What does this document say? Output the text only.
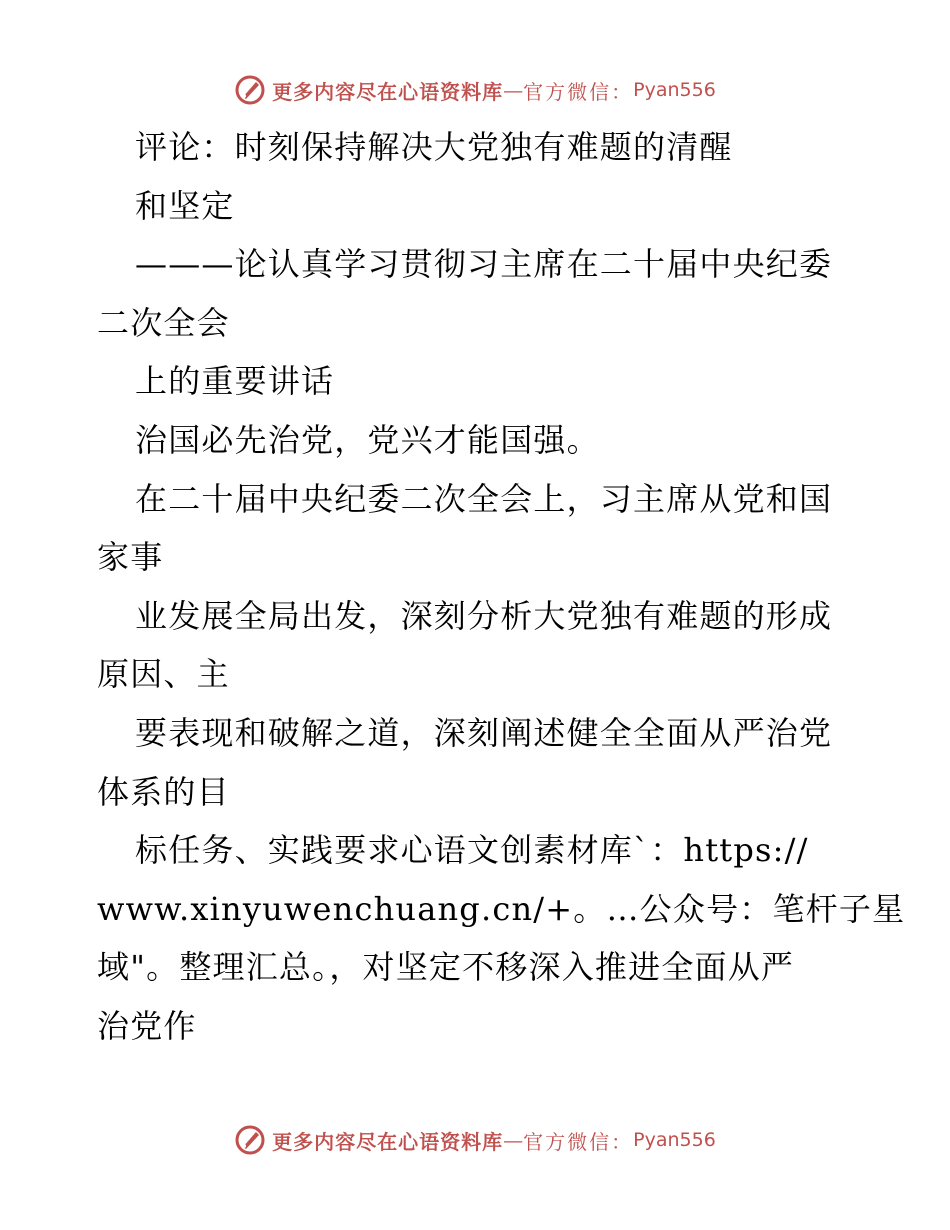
更多内容尽在心语资料库 — 官方微信： Pyan556
评论：时刻保持解决大党独有难题的清醒
和坚定
———论认真学习贯彻习主席在二十届中央纪委
二次全会
上的重要讲话
治国必先治党，党兴才能国强。
在二十届中央纪委二次全会上，习主席从党和国
家事
业发展全局出发，深刻分析大党独有难题的形成
原因、主
要表现和破解之道，深刻阐述健全全面从严治党
体系的目
标任务、实践要求心语文创素材库`：https://
www.xinyuwenchuang.cn/+。…公众号：笔杆子星
域"。整理汇总。，对坚定不移深入推进全面从严
治党作
更多内容尽在心语资料库 — 官方微信： Pyan556
